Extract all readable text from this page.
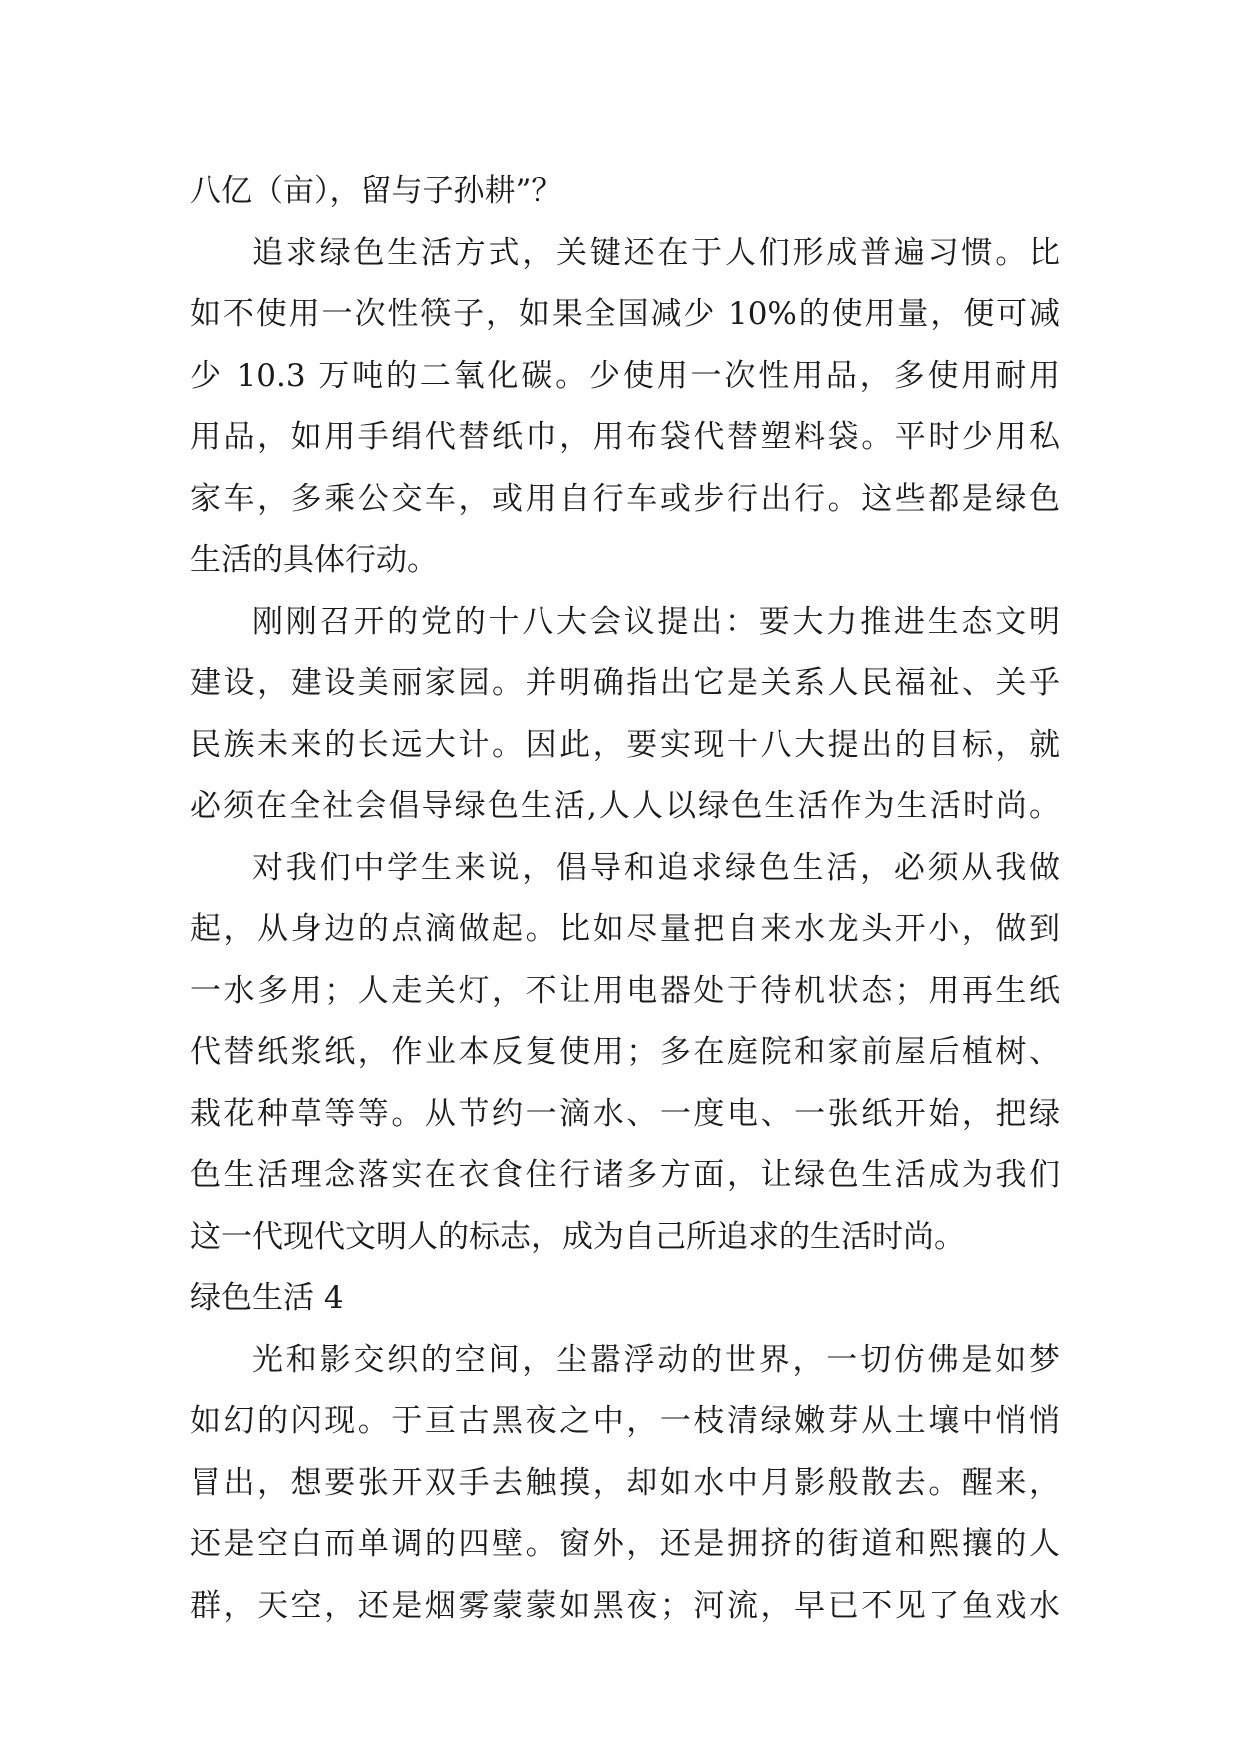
八亿（亩），留与子孙耕”？
追求绿色生活方式，关键还在于人们形成普遍习惯。比
如不使用一次性筷子，如果全国减少 10%的使用量，便可减
少 10.3 万吨的二氧化碳。少使用一次性用品，多使用耐用
用品，如用手绢代替纸巾，用布袋代替塑料袋。平时少用私
家车，多乘公交车，或用自行车或步行出行。这些都是绿色
生活的具体行动。
刚刚召开的党的十八大会议提出：要大力推进生态文明
建设，建设美丽家园。并明确指出它是关系人民福祉、关乎
民族未来的长远大计。因此，要实现十八大提出的目标，就
必须在全社会倡导绿色生活,人人以绿色生活作为生活时尚。
对我们中学生来说，倡导和追求绿色生活，必须从我做
起，从身边的点滴做起。比如尽量把自来水龙头开小，做到
一水多用；人走关灯，不让用电器处于待机状态；用再生纸
代替纸浆纸，作业本反复使用；多在庭院和家前屋后植树、
栽花种草等等。从节约一滴水、一度电、一张纸开始，把绿
色生活理念落实在衣食住行诸多方面，让绿色生活成为我们
这一代现代文明人的标志，成为自己所追求的生活时尚。
绿色生活 4
光和影交织的空间，尘嚣浮动的世界，一切仿佛是如梦
如幻的闪现。于亘古黑夜之中，一枝清绿嫩芽从土壤中悄悄
冒出，想要张开双手去触摸，却如水中月影般散去。醒来，
还是空白而单调的四壁。窗外，还是拥挤的街道和熙攘的人
群，天空，还是烟雾蒙蒙如黑夜；河流，早已不见了鱼戏水
